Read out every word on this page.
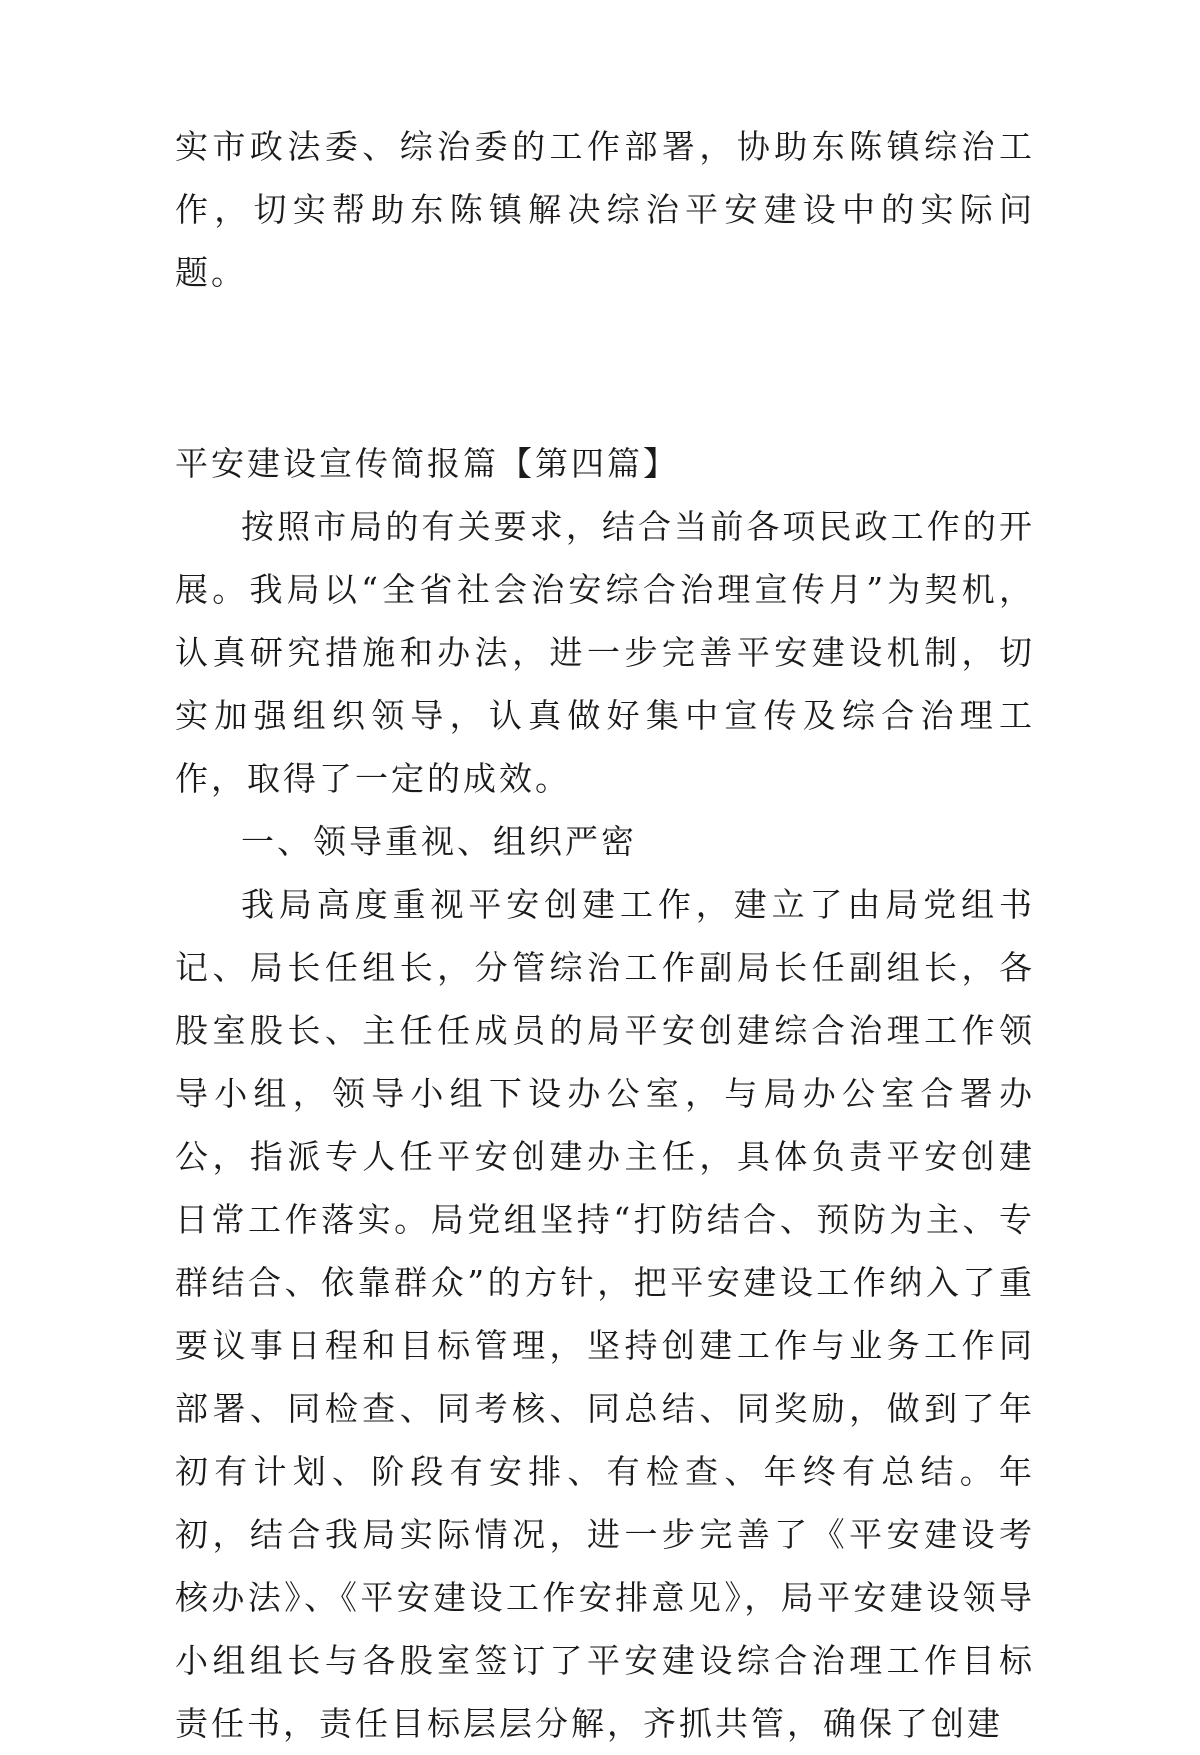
实市政法委、综治委的工作部署，协助东陈镇综治工作，切实帮助东陈镇解决综治平安建设中的实际问题。

平安建设宣传简报篇【第四篇】

按照市局的有关要求，结合当前各项民政工作的开展。我局以“全省社会治安综合治理宣传月”为契机，认真研究措施和办法，进一步完善平安建设机制，切实加强组织领导，认真做好集中宣传及综合治理工作，取得了一定的成效。

一、领导重视、组织严密

我局高度重视平安创建工作，建立了由局党组书记、局长任组长，分管综治工作副局长任副组长，各股室股长、主任任成员的局平安创建综合治理工作领导小组，领导小组下设办公室，与局办公室合署办公，指派专人任平安创建办主任，具体负责平安创建日常工作落实。局党组坚持“打防结合、预防为主、专群结合、依靠群众”的方针，把平安建设工作纳入了重要议事日程和目标管理，坚持创建工作与业务工作同部署、同检查、同考核、同总结、同奖励，做到了年初有计划、阶段有安排、有检查、年终有总结。年初，结合我局实际情况，进一步完善了《平安建设考核办法》、《平安建设工作安排意见》，局平安建设领导小组组长与各股室签订了平安建设综合治理工作目标责任书，责任目标层层分解，齐抓共管，确保了创建
